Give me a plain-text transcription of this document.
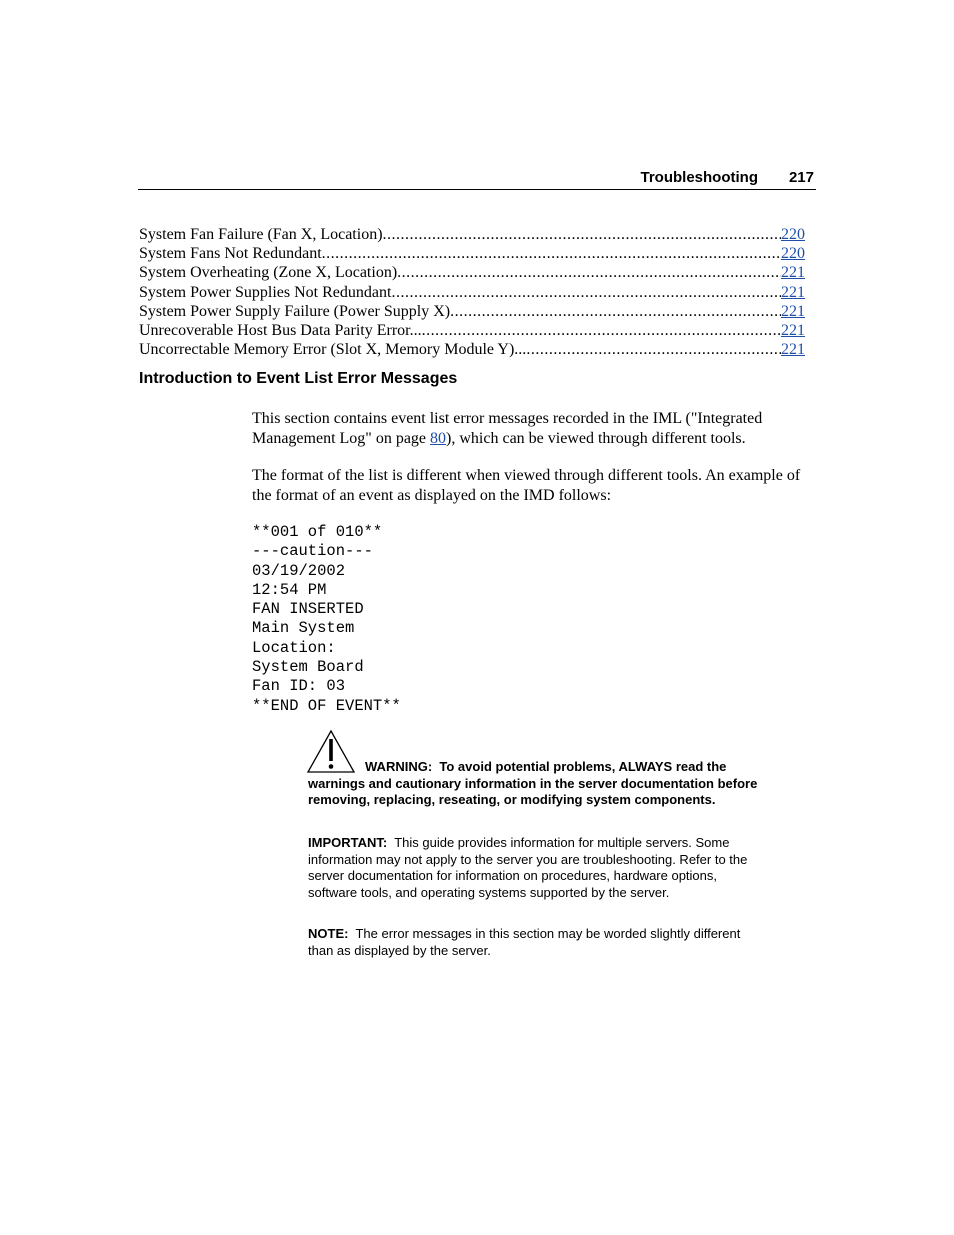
Troubleshooting 217
System Fan Failure (Fan X, Location) .....	220
System Fans Not Redundant .....	220
System Overheating (Zone X, Location) .....	221
System Power Supplies Not Redundant .....	221
System Power Supply Failure (Power Supply X) .....	221
Unrecoverable Host Bus Data Parity Error... .....	221
Uncorrectable Memory Error (Slot X, Memory Module Y)... .....	221
Introduction to Event List Error Messages

This section contains event list error messages recorded in the IML ("Integrated Management Log" on page 80), which can be viewed through different tools.

The format of the list is different when viewed through different tools. An example of the format of an event as displayed on the IMD follows:

**001 of 010**
---caution---
03/19/2002
12:54 PM
FAN INSERTED
Main System
Location:
System Board
Fan ID: 03
**END OF EVENT**

WARNING: To avoid potential problems, ALWAYS read the warnings and cautionary information in the server documentation before removing, replacing, reseating, or modifying system components.

IMPORTANT: This guide provides information for multiple servers. Some information may not apply to the server you are troubleshooting. Refer to the server documentation for information on procedures, hardware options, software tools, and operating systems supported by the server.

NOTE: The error messages in this section may be worded slightly different than as displayed by the server.
